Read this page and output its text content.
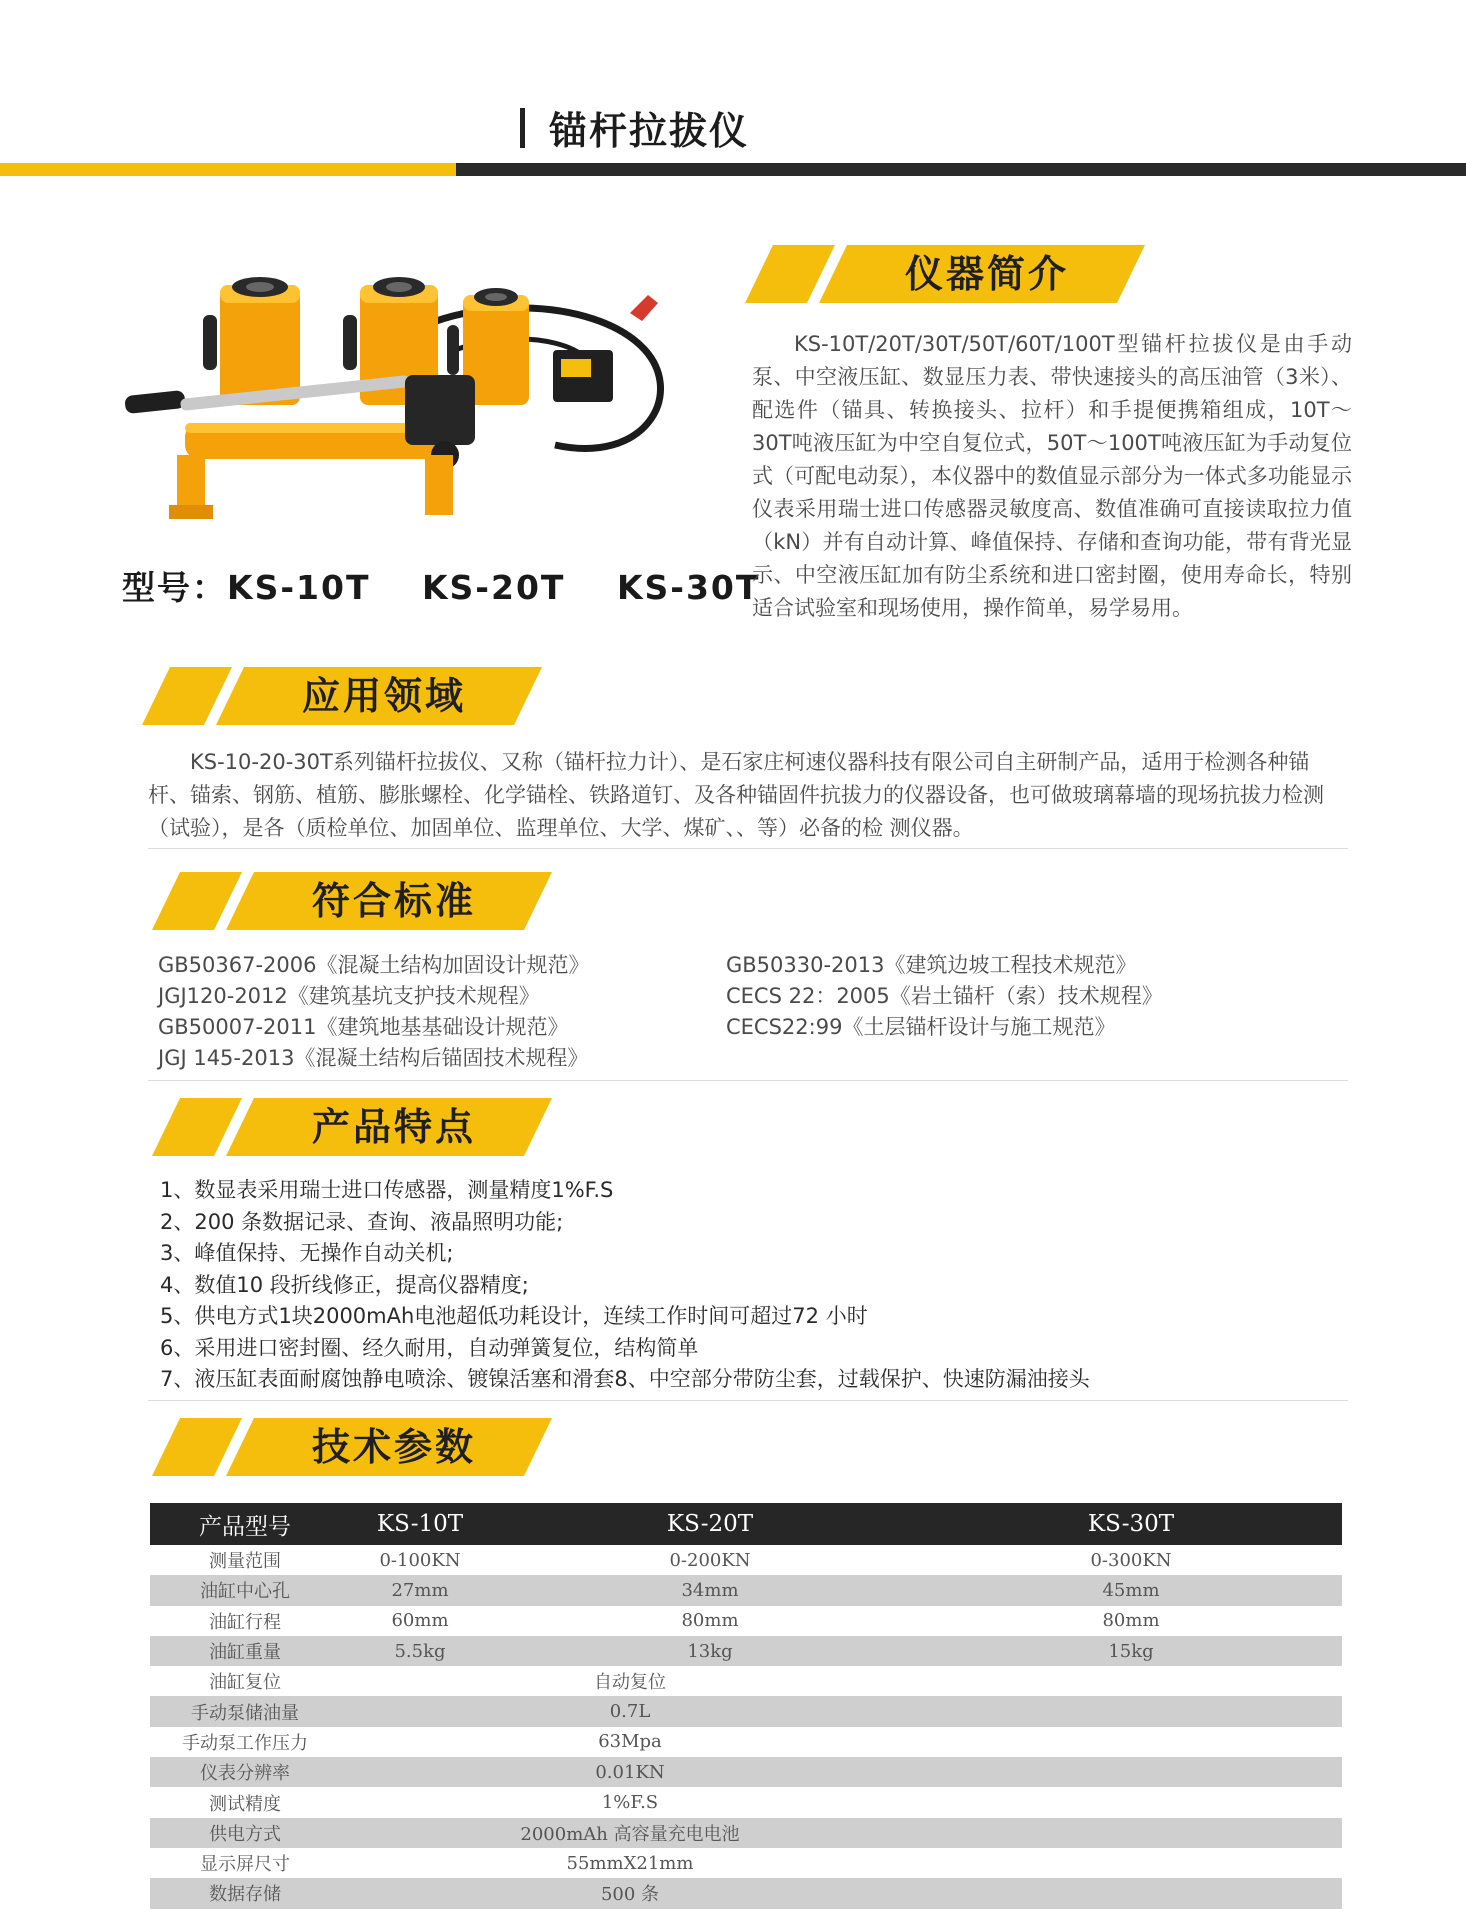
锚杆拉拔仪
型号：KS-10T KS-20T KS-30T
仪器简介
KS-10T/20T/30T/50T/60T/100T型锚杆拉拔仪是由手动泵、中空液压缸、数显压力表、带快速接头的高压油管（3米）、配选件（锚具、转换接头、拉杆）和手提便携箱组成，10T～30T吨液压缸为中空自复位式，50T～100T吨液压缸为手动复位式（可配电动泵），本仪器中的数值显示部分为一体式多功能显示仪表采用瑞士进口传感器灵敏度高、数值准确可直接读取拉力值（kN）并有自动计算、峰值保持、存储和查询功能，带有背光显示、中空液压缸加有防尘系统和进口密封圈，使用寿命长，特别适合试验室和现场使用，操作简单，易学易用。
应用领域
KS-10-20-30T系列锚杆拉拔仪、又称（锚杆拉力计）、是石家庄柯速仪器科技有限公司自主研制产品，适用于检测各种锚杆、锚索、钢筋、植筋、膨胀螺栓、化学锚栓、铁路道钉、及各种锚固件抗拔力的仪器设备，也可做玻璃幕墙的现场抗拔力检测（试验），是各（质检单位、加固单位、监理单位、大学、煤矿、、等）必备的检 测仪器。
符合标准
GB50367-2006《混凝土结构加固设计规范》
JGJ120-2012《建筑基坑支护技术规程》
GB50007-2011《建筑地基基础设计规范》
JGJ 145-2013《混凝土结构后锚固技术规程》
GB50330-2013《建筑边坡工程技术规范》
CECS 22：2005《岩土锚杆（索）技术规程》
CECS22:99《土层锚杆设计与施工规范》
产品特点
1、数显表采用瑞士进口传感器，测量精度1%F.S
2、200 条数据记录、查询、液晶照明功能;
3、峰值保持、无操作自动关机;
4、数值10 段折线修正，提高仪器精度;
5、供电方式1块2000mAh电池超低功耗设计，连续工作时间可超过72 小时
6、采用进口密封圈、经久耐用，自动弹簧复位，结构简单
7、液压缸表面耐腐蚀静电喷涂、镀镍活塞和滑套8、中空部分带防尘套，过载保护、快速防漏油接头
技术参数
产品型号	KS-10T	KS-20T	KS-30T
测量范围	0-100KN	0-200KN	0-300KN
油缸中心孔	27mm	34mm	45mm
油缸行程	60mm	80mm	80mm
油缸重量	5.5kg	13kg	15kg
油缸复位	自动复位		
手动泵储油量	0.7L		
手动泵工作压力	63Mpa		
仪表分辨率	0.01KN		
测试精度	1%F.S		
供电方式	2000mAh 高容量充电电池		
显示屏尺寸	55mmX21mm		
数据存储	500 条		
